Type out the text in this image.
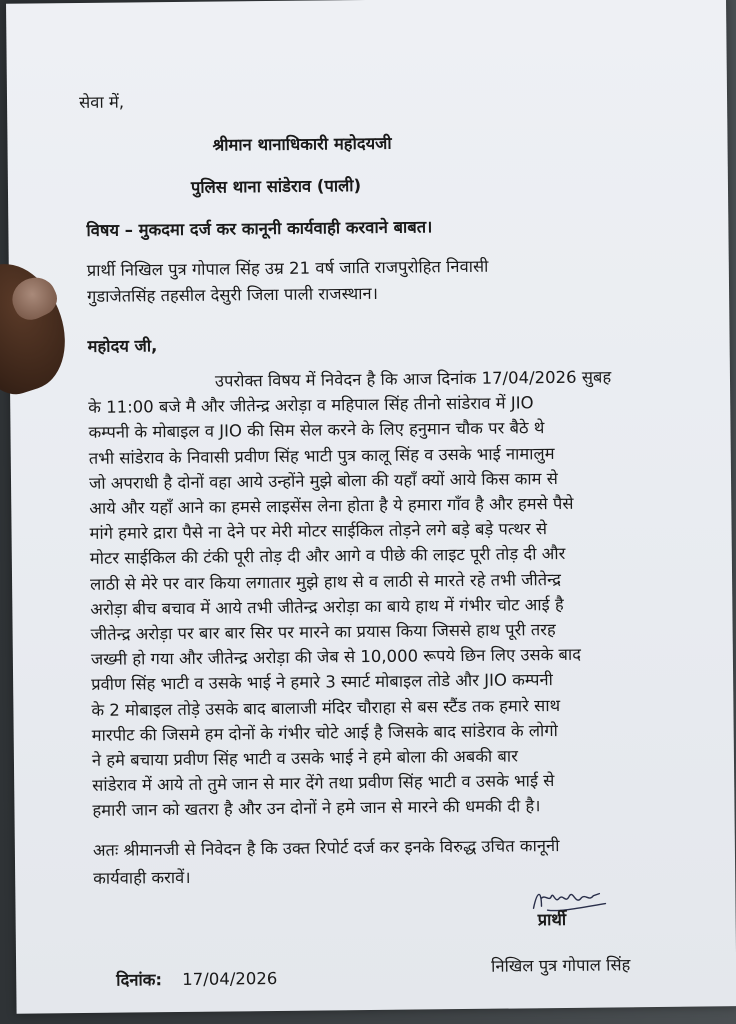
सेवा में,
श्रीमान थानाधिकारी महोदयजी
पुलिस थाना सांडेराव (पाली)
विषय – मुकदमा दर्ज कर कानूनी कार्यवाही करवाने बाबत।
प्रार्थी निखिल पुत्र गोपाल सिंह उम्र 21 वर्ष जाति राजपुरोहित निवासी
गुडाजेतसिंह तहसील देसुरी जिला पाली राजस्थान।
महोदय जी,
उपरोक्त विषय में निवेदन है कि आज दिनांक 17/04/2026 सुबह
के 11:00 बजे मै और जीतेन्द्र अरोड़ा व महिपाल सिंह तीनो सांडेराव में JIO
कम्पनी के मोबाइल व JIO की सिम सेल करने के लिए हनुमान चौक पर बैठे थे
तभी सांडेराव के निवासी प्रवीण सिंह भाटी पुत्र कालू सिंह व उसके भाई नामालुम
जो अपराधी है दोनों वहा आये उन्होंने मुझे बोला की यहाँ क्यों आये किस काम से
आये और यहाँ आने का हमसे लाइसेंस लेना होता है ये हमारा गाँव है और हमसे पैसे
मांगे हमारे द्रारा पैसे ना देने पर मेरी मोटर साईकिल तोड़ने लगे बड़े बड़े पत्थर से
मोटर साईकिल की टंकी पूरी तोड़ दी और आगे व पीछे की लाइट पूरी तोड़ दी और
लाठी से मेरे पर वार किया लगातार मुझे हाथ से व लाठी से मारते रहे तभी जीतेन्द्र
अरोड़ा बीच बचाव में आये तभी जीतेन्द्र अरोड़ा का बाये हाथ में गंभीर चोट आई है
जीतेन्द्र अरोड़ा पर बार बार सिर पर मारने का प्रयास किया जिससे हाथ पूरी तरह
जख्मी हो गया और जीतेन्द्र अरोड़ा की जेब से 10,000 रूपये छिन लिए उसके बाद
प्रवीण सिंह भाटी व उसके भाई ने हमारे 3 स्मार्ट मोबाइल तोडे और JIO कम्पनी
के 2 मोबाइल तोड़े उसके बाद बालाजी मंदिर चौराहा से बस स्टैंड तक हमारे साथ
मारपीट की जिसमे हम दोनों के गंभीर चोटे आई है जिसके बाद सांडेराव के लोगो
ने हमे बचाया प्रवीण सिंह भाटी व उसके भाई ने हमे बोला की अबकी बार
सांडेराव में आये तो तुमे जान से मार देंगे तथा प्रवीण सिंह भाटी व उसके भाई से
हमारी जान को खतरा है और उन दोनों ने हमे जान से मारने की धमकी दी है।
अतः श्रीमानजी से निवेदन है कि उक्त रिपोर्ट दर्ज कर इनके विरुद्ध उचित कानूनी
कार्यवाही करावें।
प्रार्थी
दिनांक: 17/04/2026
निखिल पुत्र गोपाल सिंह
